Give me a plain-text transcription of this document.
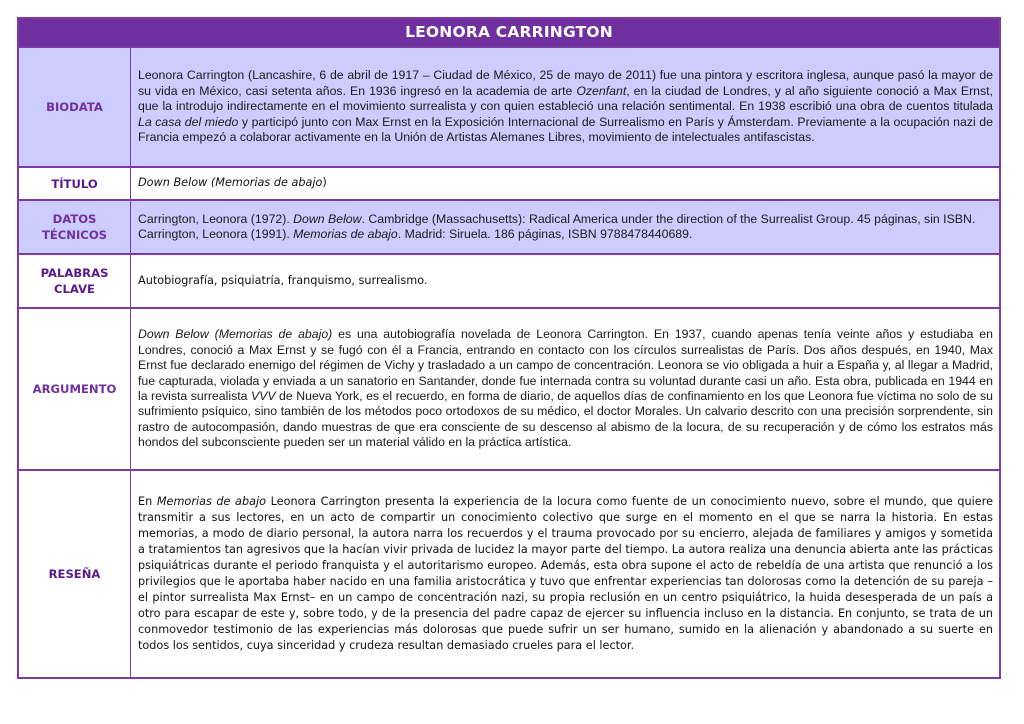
LEONORA CARRINGTON
BIODATA	Leonora Carrington (Lancashire, 6 de abril de 1917 – Ciudad de México, 25 de mayo de 2011) fue una pintora y escritora inglesa, aunque pasó la mayor de su vida en México, casi setenta años. En 1936 ingresó en la academia de arte Ozenfant, en la ciudad de Londres, y al año siguiente conoció a Max Ernst, que la introdujo indirectamente en el movimiento surrealista y con quien estableció una relación sentimental. En 1938 escribió una obra de cuentos titulada La casa del miedo y participó junto con Max Ernst en la Exposición Internacional de Surrealismo en París y Ámsterdam. Previamente a la ocupación nazi de Francia empezó a colaborar activamente en la Unión de Artistas Alemanes Libres, movimiento de intelectuales antifascistas.
TÍTULO	Down Below (Memorias de abajo)
DATOS TÉCNICOS	Carrington, Leonora (1972). Down Below. Cambridge (Massachusetts): Radical America under the direction of the Surrealist Group. 45 páginas, sin ISBN.
Carrington, Leonora (1991). Memorias de abajo. Madrid: Siruela. 186 páginas, ISBN 9788478440689.

PALABRAS CLAVE	Autobiografía, psiquiatría, franquismo, surrealismo.
ARGUMENTO	Down Below (Memorias de abajo) es una autobiografía novelada de Leonora Carrington. En 1937, cuando apenas tenía veinte años y estudiaba en Londres, conoció a Max Ernst y se fugó con él a Francia, entrando en contacto con los círculos surrealistas de París. Dos años después, en 1940, Max Ernst fue declarado enemigo del régimen de Vichy y trasladado a un campo de concentración. Leonora se vio obligada a huir a España y, al llegar a Madrid, fue capturada, violada y enviada a un sanatorio en Santander, donde fue internada contra su voluntad durante casi un año. Esta obra, publicada en 1944 en la revista surrealista VVV de Nueva York, es el recuerdo, en forma de diario, de aquellos días de confinamiento en los que Leonora fue víctima no solo de su sufrimiento psíquico, sino también de los métodos poco ortodoxos de su médico, el doctor Morales. Un calvario descrito con una precisión sorprendente, sin rastro de autocompasión, dando muestras de que era consciente de su descenso al abismo de la locura, de su recuperación y de cómo los estratos más hondos del subconsciente pueden ser un material válido en la práctica artística.
RESEÑA	En Memorias de abajo Leonora Carrington presenta la experiencia de la locura como fuente de un conocimiento nuevo, sobre el mundo, que quiere transmitir a sus lectores, en un acto de compartir un conocimiento colectivo que surge en el momento en el que se narra la historia. En estas memorias, a modo de diario personal, la autora narra los recuerdos y el trauma provocado por su encierro, alejada de familiares y amigos y sometida a tratamientos tan agresivos que la hacían vivir privada de lucidez la mayor parte del tiempo. La autora realiza una denuncia abierta ante las prácticas psiquiátricas durante el periodo franquista y el autoritarismo europeo. Además, esta obra supone el acto de rebeldía de una artista que renunció a los privilegios que le aportaba haber nacido en una familia aristocrática y tuvo que enfrentar experiencias tan dolorosas como la detención de su pareja –el pintor surrealista Max Ernst– en un campo de concentración nazi, su propia reclusión en un centro psiquiátrico, la huida desesperada de un país a otro para escapar de este y, sobre todo, y de la presencia del padre capaz de ejercer su influencia incluso en la distancia. En conjunto, se trata de un conmovedor testimonio de las experiencias más dolorosas que puede sufrir un ser humano, sumido en la alienación y abandonado a su suerte en todos los sentidos, cuya sinceridad y crudeza resultan demasiado crueles para el lector.
